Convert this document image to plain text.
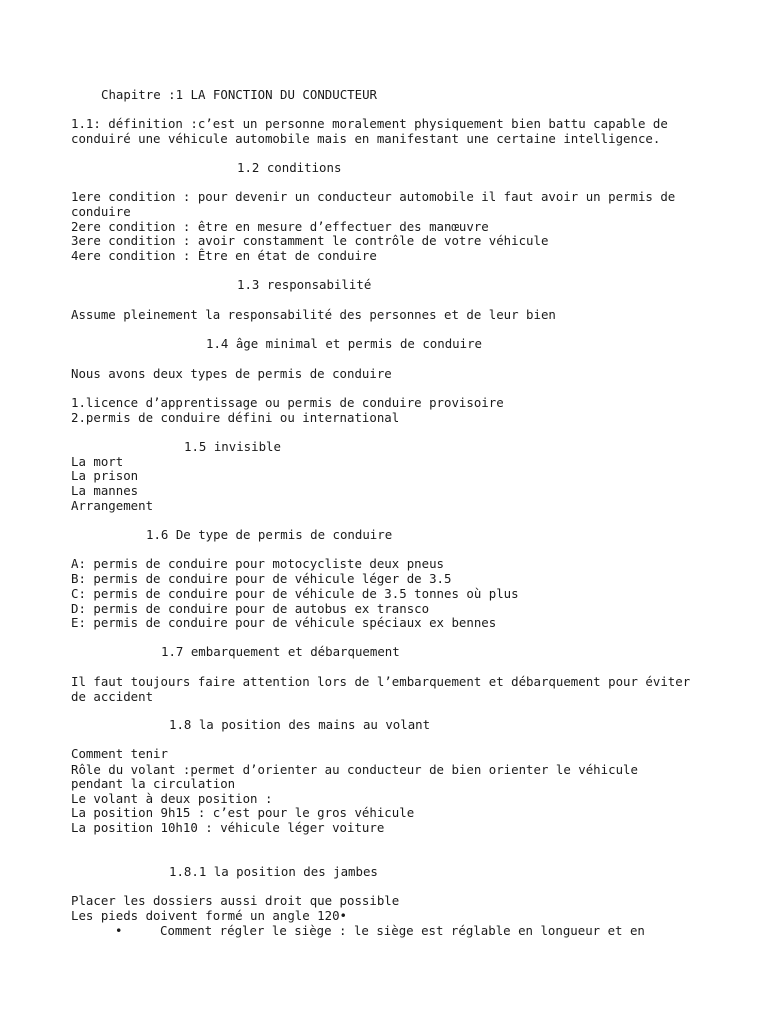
Chapitre :1 LA FONCTION DU CONDUCTEUR
1.1: définition :c’est un personne moralement physiquement bien battu capable de
conduiré une véhicule automobile mais en manifestant une certaine intelligence.
1.2 conditions
1ere condition : pour devenir un conducteur automobile il faut avoir un permis de
conduire
2ere condition : être en mesure d’effectuer des manœuvre
3ere condition : avoir constamment le contrôle de votre véhicule
4ere condition : Être en état de conduire
1.3 responsabilité
Assume pleinement la responsabilité des personnes et de leur bien
1.4 âge minimal et permis de conduire
Nous avons deux types de permis de conduire
1.licence d’apprentissage ou permis de conduire provisoire
2.permis de conduire défini ou international
1.5 invisible
La mort
La prison
La mannes
Arrangement
1.6 De type de permis de conduire
A: permis de conduire pour motocycliste deux pneus
B: permis de conduire pour de véhicule léger de 3.5
C: permis de conduire pour de véhicule de 3.5 tonnes où plus
D: permis de conduire pour de autobus ex transco
E: permis de conduire pour de véhicule spéciaux ex bennes
1.7 embarquement et débarquement
Il faut toujours faire attention lors de l’embarquement et débarquement pour éviter
de accident
1.8 la position des mains au volant
Comment tenir
Rôle du volant :permet d’orienter au conducteur de bien orienter le véhicule
pendant la circulation
Le volant à deux position :
La position 9h15 : c’est pour le gros véhicule
La position 10h10 : véhicule léger voiture
1.8.1 la position des jambes
Placer les dossiers aussi droit que possible
Les pieds doivent formé un angle 120•
•	Comment régler le siège : le siège est réglable en longueur et en
